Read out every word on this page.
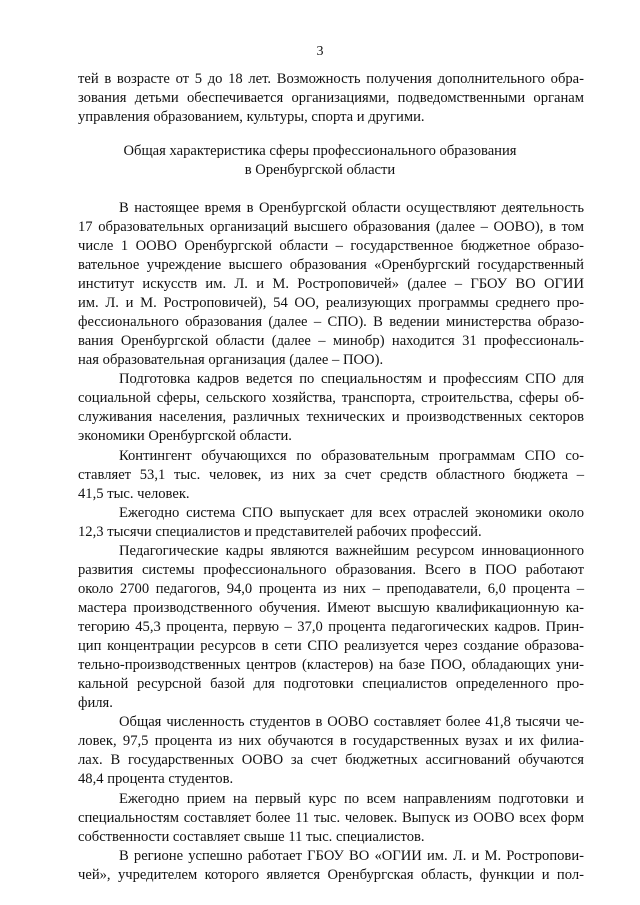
3
тей в возрасте от 5 до 18 лет. Возможность получения дополнительного обра-
зования детьми обеспечивается организациями, подведомственными органам
управления образованием, культуры, спорта и другими.
Общая характеристика сферы профессионального образования
в Оренбургской области
В настоящее время в Оренбургской области осуществляют деятельность
17 образовательных организаций высшего образования (далее – ООВО), в том
числе 1 ООВО Оренбургской области – государственное бюджетное образо-
вательное учреждение высшего образования «Оренбургский государственный
институт искусств им. Л. и М. Ростроповичей» (далее – ГБОУ ВО ОГИИ
им. Л. и М. Ростроповичей), 54 ОО, реализующих программы среднего про-
фессионального образования (далее – СПО). В ведении министерства образо-
вания Оренбургской области (далее – минобр) находится 31 профессиональ-
ная образовательная организация (далее – ПОО).
Подготовка кадров ведется по специальностям и профессиям СПО для
социальной сферы, сельского хозяйства, транспорта, строительства, сферы об-
служивания населения, различных технических и производственных секторов
экономики Оренбургской области.
Контингент обучающихся по образовательным программам СПО со-
ставляет 53,1 тыс. человек, из них за счет средств областного бюджета –
41,5 тыс. человек.
Ежегодно система СПО выпускает для всех отраслей экономики около
12,3 тысячи специалистов и представителей рабочих профессий.
Педагогические кадры являются важнейшим ресурсом инновационного
развития системы профессионального образования. Всего в ПОО работают
около 2700 педагогов, 94,0 процента из них – преподаватели, 6,0 процента –
мастера производственного обучения. Имеют высшую квалификационную ка-
тегорию 45,3 процента, первую – 37,0 процента педагогических кадров. Прин-
цип концентрации ресурсов в сети СПО реализуется через создание образова-
тельно-производственных центров (кластеров) на базе ПОО, обладающих уни-
кальной ресурсной базой для подготовки специалистов определенного про-
филя.
Общая численность студентов в ООВО составляет более 41,8 тысячи че-
ловек, 97,5 процента из них обучаются в государственных вузах и их филиа-
лах. В государственных ООВО за счет бюджетных ассигнований обучаются
48,4 процента студентов.
Ежегодно прием на первый курс по всем направлениям подготовки и
специальностям составляет более 11 тыс. человек. Выпуск из ООВО всех форм
собственности составляет свыше 11 тыс. специалистов.
В регионе успешно работает ГБОУ ВО «ОГИИ им. Л. и М. Ростропови-
чей», учредителем которого является Оренбургская область, функции и пол-
